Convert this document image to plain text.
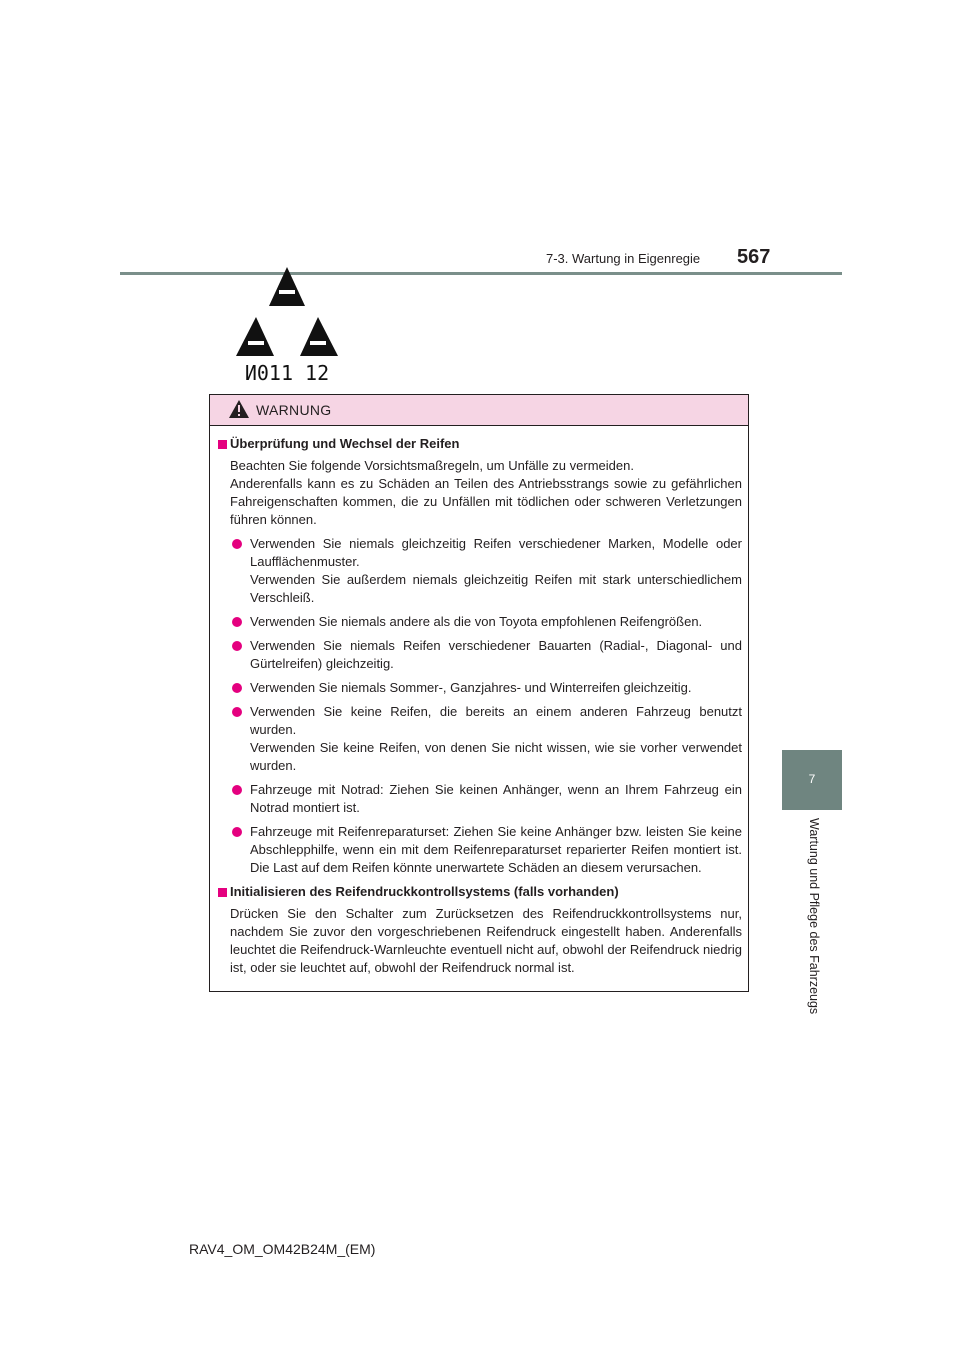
7-3. Wartung in Eigenregie 567
7
Wartung und Pflege des Fahrzeugs
И011 12
WARNUNG
Überprüfung und Wechsel der Reifen

Beachten Sie folgende Vorsichtsmaßregeln, um Unfälle zu vermeiden.

Anderenfalls kann es zu Schäden an Teilen des Antriebsstrangs sowie zu gefährlichen Fahreigenschaften kommen, die zu Unfällen mit tödlichen oder schweren Verletzungen führen können.

Verwenden Sie niemals gleichzeitig Reifen verschiedener Marken, Modelle oder Laufflächenmuster.

Verwenden Sie außerdem niemals gleichzeitig Reifen mit stark unterschiedlichem Verschleiß.

Verwenden Sie niemals andere als die von Toyota empfohlenen Reifengrößen.

Verwenden Sie niemals Reifen verschiedener Bauarten (Radial-, Diagonal- und Gürtelreifen) gleichzeitig.

Verwenden Sie niemals Sommer-, Ganzjahres- und Winterreifen gleichzeitig.

Verwenden Sie keine Reifen, die bereits an einem anderen Fahrzeug benutzt wurden.

Verwenden Sie keine Reifen, von denen Sie nicht wissen, wie sie vorher verwendet wurden.

Fahrzeuge mit Notrad: Ziehen Sie keinen Anhänger, wenn an Ihrem Fahrzeug ein Notrad montiert ist.

Fahrzeuge mit Reifenreparaturset: Ziehen Sie keine Anhänger bzw. leisten Sie keine Abschlepphilfe, wenn ein mit dem Reifenreparaturset reparierter Reifen montiert ist. Die Last auf dem Reifen könnte unerwartete Schäden an diesem verursachen.

Initialisieren des Reifendruckkontrollsystems (falls vorhanden)

Drücken Sie den Schalter zum Zurücksetzen des Reifendruckkontrollsystems nur, nachdem Sie zuvor den vorgeschriebenen Reifendruck eingestellt haben. Anderenfalls leuchtet die Reifendruck-Warnleuchte eventuell nicht auf, obwohl der Reifendruck niedrig ist, oder sie leuchtet auf, obwohl der Reifendruck normal ist.

RAV4_OM_OM42B24M_(EM)
